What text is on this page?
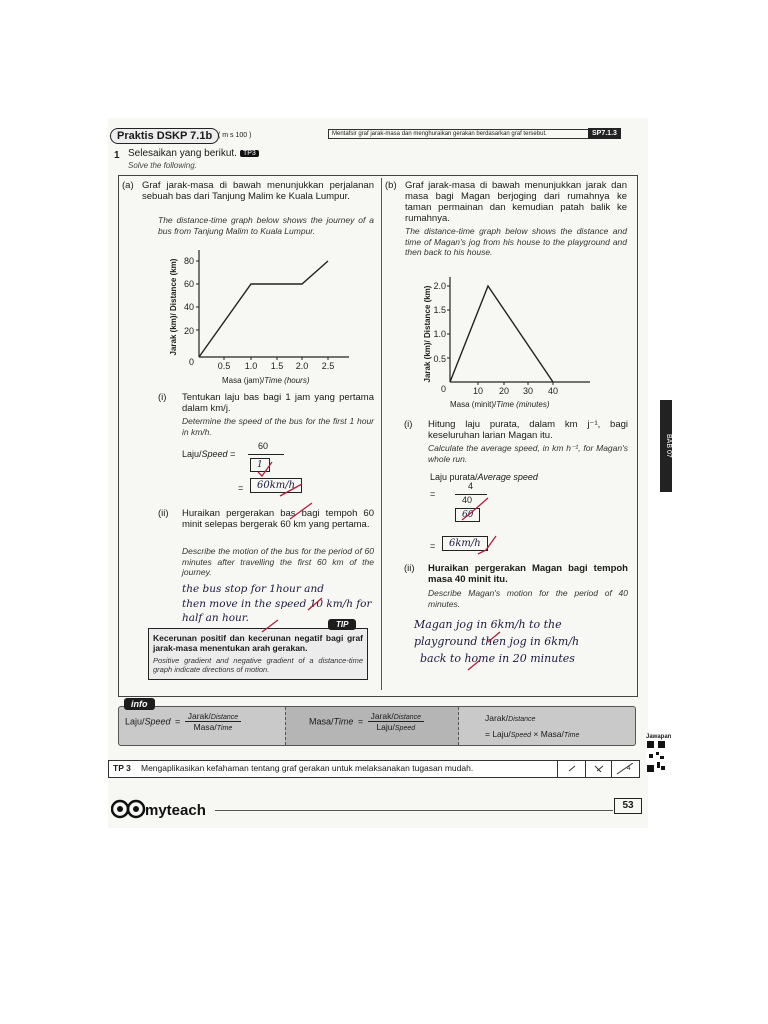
Praktis DSKP 7.1b ( m s 100 )	Mentafsir graf jarak-masa dan menghuraikan gerakan berdasarkan graf tersebut.	SP7.1.3
1 Selesaikan yang berikut. TP3
Solve the following.
(a) Graf jarak-masa di bawah menunjukkan perjalanan sebuah bas dari Tanjung Malim ke Kuala Lumpur.
The distance-time graph below shows the journey of a bus from Tanjung Malim to Kuala Lumpur.
20
40
60
80
0	0.5 1.0 1.5 2.0 2.5
Jarak (km)/ Distance (km)
Masa (jam)/Time (hours)
(i) Tentukan laju bas bagi 1 jam yang pertama dalam km/j.
Determine the speed of the bus for the first 1 hour in km/h.
Laju/Speed =
60
1
=	60km/h
(ii) Huraikan pergerakan bas bagi tempoh 60 minit selepas bergerak 60 km yang pertama.
Describe the motion of the bus for the period of 60 minutes after travelling the first 60 km of the journey.
the bus stop for 1hour and
then move in the speed 10 km/h for
half an hour.
TIP
Kecerunan positif dan kecerunan negatif bagi graf jarak-masa menentukan arah gerakan.
Positive gradient and negative gradient of a distance-time graph indicate directions of motion.
(b) Graf jarak-masa di bawah menunjukkan jarak dan masa bagi Magan berjoging dari rumahnya ke taman permainan dan kemudian patah balik ke rumahnya.
The distance-time graph below shows the distance and time of Magan's jog from his house to the playground and then back to his house.
0.5
1.0
1.5
2.0
0	10 20 30 40
Jarak (km)/ Distance (km)
Masa (minit)/Time (minutes)
(i) Hitung laju purata, dalam km j⁻¹, bagi keseluruhan larian Magan itu.
Calculate the average speed, in km h⁻¹, for Magan's whole run.
Laju purata/Average speed
=
4
40
60
=	6km/h
(ii) Huraikan pergerakan Magan bagi tempoh masa 40 minit itu.
Describe Magan's motion for the period of 40 minutes.
Magan jog in 6km/h to the
playground then jog in 6km/h
back to home in 20 minutes
Laju/Speed = $\frac{\text{Jarak/Distance}}{\text{Masa/Time}}$	Masa/Time = $\frac{\text{Jarak/Distance}}{\text{Laju/Speed}}$	Jarak/Distance
= Laju/Speed × Masa/Time
info
TP 3 Mengaplikasikan kefahaman tentang graf gerakan untuk melaksanakan tugasan mudah.	4
BAB 07
Jawapan
myteach	53
